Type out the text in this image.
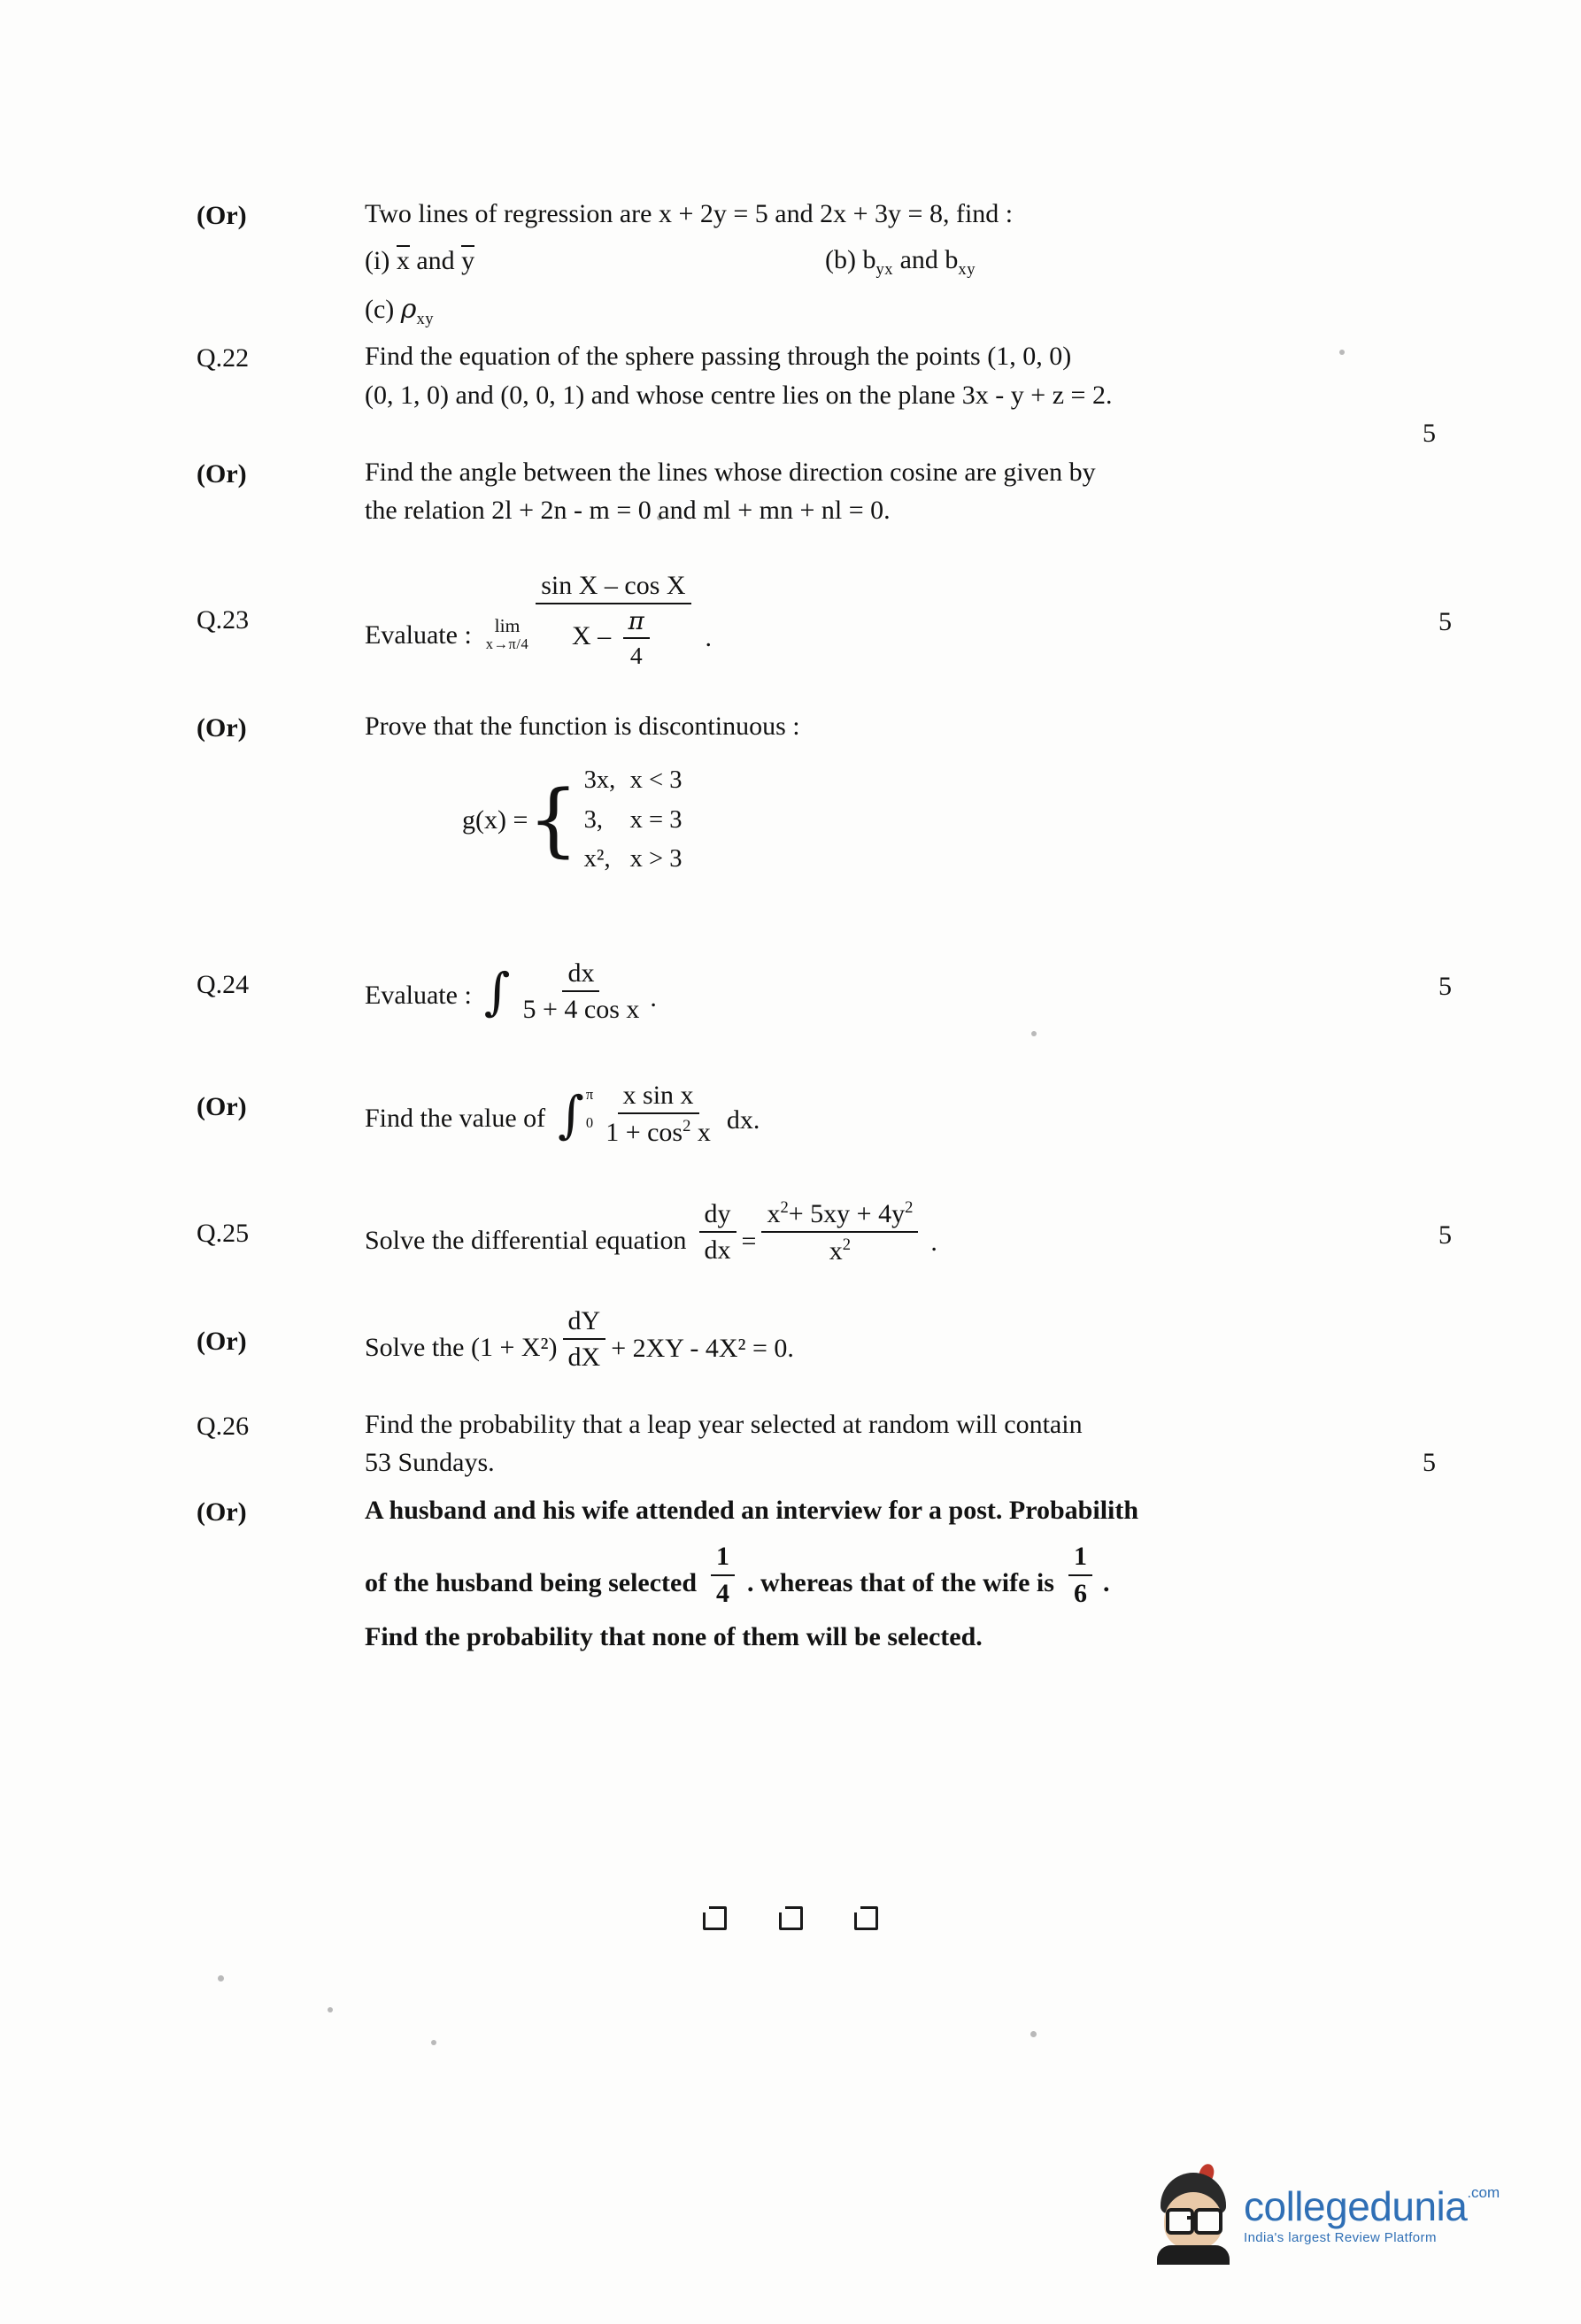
(Or)	Two lines of regression are x + 2y = 5 and 2x + 3y = 8, find :
(i) x and y	(b) $b_{yx}$ and $b_{xy}$
(c) $\rho_{xy}$
Q.22	Find the equation of the sphere passing through the points (1, 0, 0)
(0, 1, 0) and (0, 0, 1) and whose centre lies on the plane 3x - y + z = 2.
5
(Or)	Find the angle between the lines whose direction cosine are given by
the relation 2l + 2n - m = 0 and ml + mn + nl = 0.
Q.23
Evaluate : lim
$x\to\pi/4 \frac{\text{sin X – cos X}}{X - \frac{\pi}{4}}$ .
5
(Or)	Prove that the function is discontinuous :
g(x) = { 3x, x < 3
3, x = 3
x², x > 3
Q.24	Evaluate : ∫ $\frac{dx}{\text{5 + 4 cos x}}$ .	5
(Or)	Find the value of ∫ π
$0 \frac{\text{x sin x}}{1 + \cos^2 x}$ dx.
Q.25	Solve the differential equation $\frac{dy}{dx} = \frac{x^2+ 5xy + 4y^2}{x^2}$ .	5
(Or)	Solve the $(1 + X^2) \frac{dY}{dX} + 2XY - 4X^2 = 0$.
Q.26	Find the probability that a leap year selected at random will contain
53 Sundays.	5
(Or)	A husband and his wife attended an interview for a post. Probabilith
of the husband being selected $\frac{1}{4}$ . whereas that of the wife is $\frac{1}{6}$ .
Find the probability that none of them will be selected.

collegedunia$^{.com}$
India's largest Review Platform
